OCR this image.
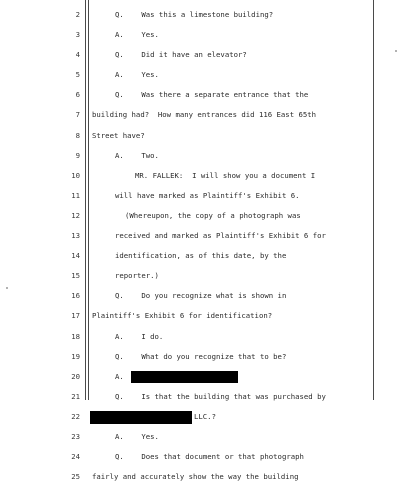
2	Q.    Was this a limestone building?
3	A.    Yes.
4	Q.    Did it have an elevator?
5	A.    Yes.
6	Q.    Was there a separate entrance that the
7 building had?  How many entrances did 116 East 65th
8 Street have?
9	A.    Two.
10	MR. FALLEK:  I will show you a document I
11	will have marked as Plaintiff's Exhibit 6.
12	(Whereupon, the copy of a photograph was
13	received and marked as Plaintiff's Exhibit 6 for
14	identification, as of this date, by the
15	reporter.)
16	Q.    Do you recognize what is shown in
17 Plaintiff's Exhibit 6 for identification?
18	A.    I do.
19	Q.    What do you recognize that to be?
20	A.
21	Q.    Is that the building that was purchased by
22	LLC.?
23	A.    Yes.
24	Q.    Does that document or that photograph
25 fairly and accurately show the way the building
